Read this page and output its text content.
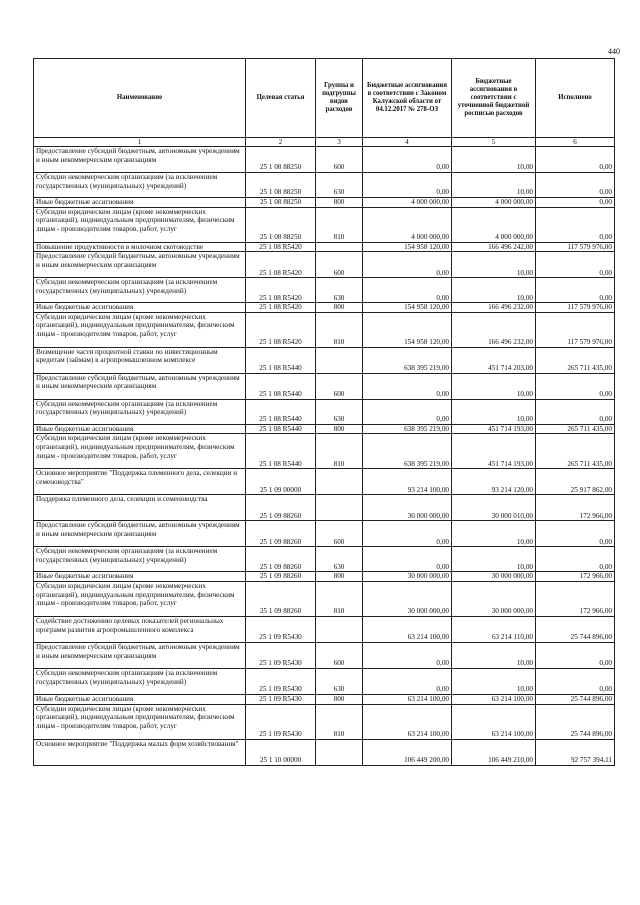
440
Наименование	Целевая статья	Группы и подгруппы видов расходов	Бюджетные ассигнования в соответствии с Законом Калужской области от 04.12.2017 № 278-ОЗ	Бюджетные ассигнования в соответствии с уточненной бюджетной росписью расходов	Исполнено
1	2	3	4	5	6
Предоставление субсидий бюджетным, автономным учреждениям и иным некоммерческим организациям	25 1 08 88250	600	0,00	10,00	0,00
Субсидии некоммерческим организациям (за исключением государственных (муниципальных) учреждений)	25 1 08 88250	630	0,00	10,00	0,00
Иные бюджетные ассигнования	25 1 08 88250	800	4 000 000,00	4 000 000,00	0,00
Субсидии юридическим лицам (кроме некоммерческих организаций), индивидуальным предпринимателям, физическим лицам - производителям товаров, работ, услуг	25 1 08 88250	810	4 000 000,00	4 000 000,00	0,00
Повышение продуктивности в молочном скотоводстве	25 1 08 R5420		154 958 120,00	166 496 242,00	117 579 976,00
Предоставление субсидий бюджетным, автономным учреждениям и иным некоммерческим организациям	25 1 08 R5420	600	0,00	10,00	0,00
Субсидии некоммерческим организациям (за исключением государственных (муниципальных) учреждений)	25 1 08 R5420	630	0,00	10,00	0,00
Иные бюджетные ассигнования	25 1 08 R5420	800	154 958 120,00	166 496 232,00	117 579 976,00
Субсидии юридическим лицам (кроме некоммерческих организаций), индивидуальным предпринимателям, физическим лицам - производителям товаров, работ, услуг	25 1 08 R5420	810	154 958 120,00	166 496 232,00	117 579 976,00
Возмещение части процентной ставки по инвестиционным кредитам (займам) в агропромышленном комплексе	25 1 08 R5440		638 395 219,00	451 714 203,00	265 711 435,00
Предоставление субсидий бюджетным, автономным учреждениям и иным некоммерческим организациям	25 1 08 R5440	600	0,00	10,00	0,00
Субсидии некоммерческим организациям (за исключением государственных (муниципальных) учреждений)	25 1 08 R5440	630	0,00	10,00	0,00
Иные бюджетные ассигнования	25 1 08 R5440	800	638 395 219,00	451 714 193,00	265 711 435,00
Субсидии юридическим лицам (кроме некоммерческих организаций), индивидуальным предпринимателям, физическим лицам - производителям товаров, работ, услуг	25 1 08 R5440	810	638 395 219,00	451 714 193,00	265 711 435,00
Основное мероприятие "Поддержка племенного дела, селекции и семеноводства"	25 1 09 00000		93 214 100,00	93 214 120,00	25 917 862,00
Поддержка племенного дела, селекции и семеноводства	25 1 09 88260		30 000 000,00	30 000 010,00	172 966,00
Предоставление субсидий бюджетным, автономным учреждениям и иным некоммерческим организациям	25 1 09 88260	600	0,00	10,00	0,00
Субсидии некоммерческим организациям (за исключением государственных (муниципальных) учреждений)	25 1 09 88260	630	0,00	10,00	0,00
Иные бюджетные ассигнования	25 1 09 88260	800	30 000 000,00	30 000 000,00	172 966,00
Субсидии юридическим лицам (кроме некоммерческих организаций), индивидуальным предпринимателям, физическим лицам - производителям товаров, работ, услуг	25 1 09 88260	810	30 000 000,00	30 000 000,00	172 966,00
Содействие достижению целевых показателей региональных программ развития агропромышленного комплекса	25 1 09 R5430		63 214 100,00	63 214 110,00	25 744 896,00
Предоставление субсидий бюджетным, автономным учреждениям и иным некоммерческим организациям	25 1 09 R5430	600	0,00	10,00	0,00
Субсидии некоммерческим организациям (за исключением государственных (муниципальных) учреждений)	25 1 09 R5430	630	0,00	10,00	0,00
Иные бюджетные ассигнования	25 1 09 R5430	800	63 214 100,00	63 214 100,00	25 744 896,00
Субсидии юридическим лицам (кроме некоммерческих организаций), индивидуальным предпринимателям, физическим лицам - производителям товаров, работ, услуг	25 1 09 R5430	810	63 214 100,00	63 214 100,00	25 744 896,00
Основное мероприятие "Поддержка малых форм хозяйствования"	25 1 10 00000		106 449 200,00	106 449 210,00	92 757 394,11
